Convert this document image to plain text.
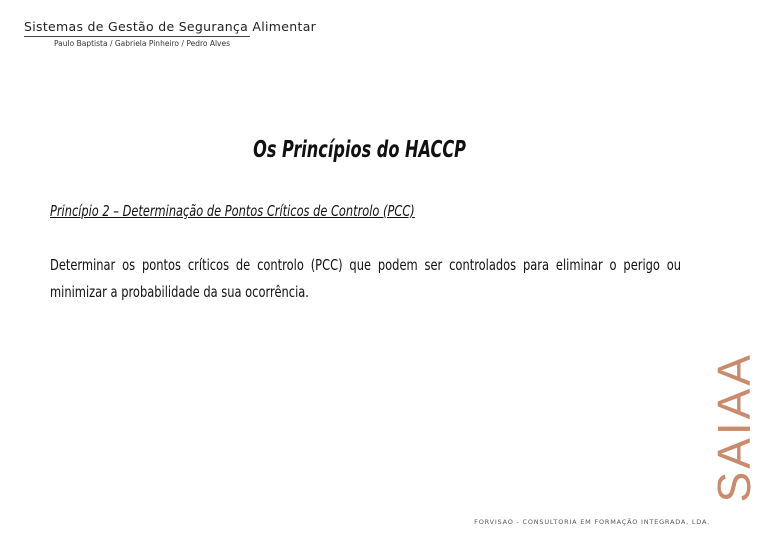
Sistemas de Gestão de Segurança Alimentar
Paulo Baptista / Gabriela Pinheiro / Pedro Alves
Os Princípios do HACCP
Princípio 2 – Determinação de Pontos Críticos de Controlo (PCC)
Determinar os pontos críticos de controlo (PCC) que podem ser controlados para eliminar o perigo ou minimizar a probabilidade da sua ocorrência.
SAIAA
FORVISAO - CONSULTORIA EM FORMAÇÃO INTEGRADA, LDA.
